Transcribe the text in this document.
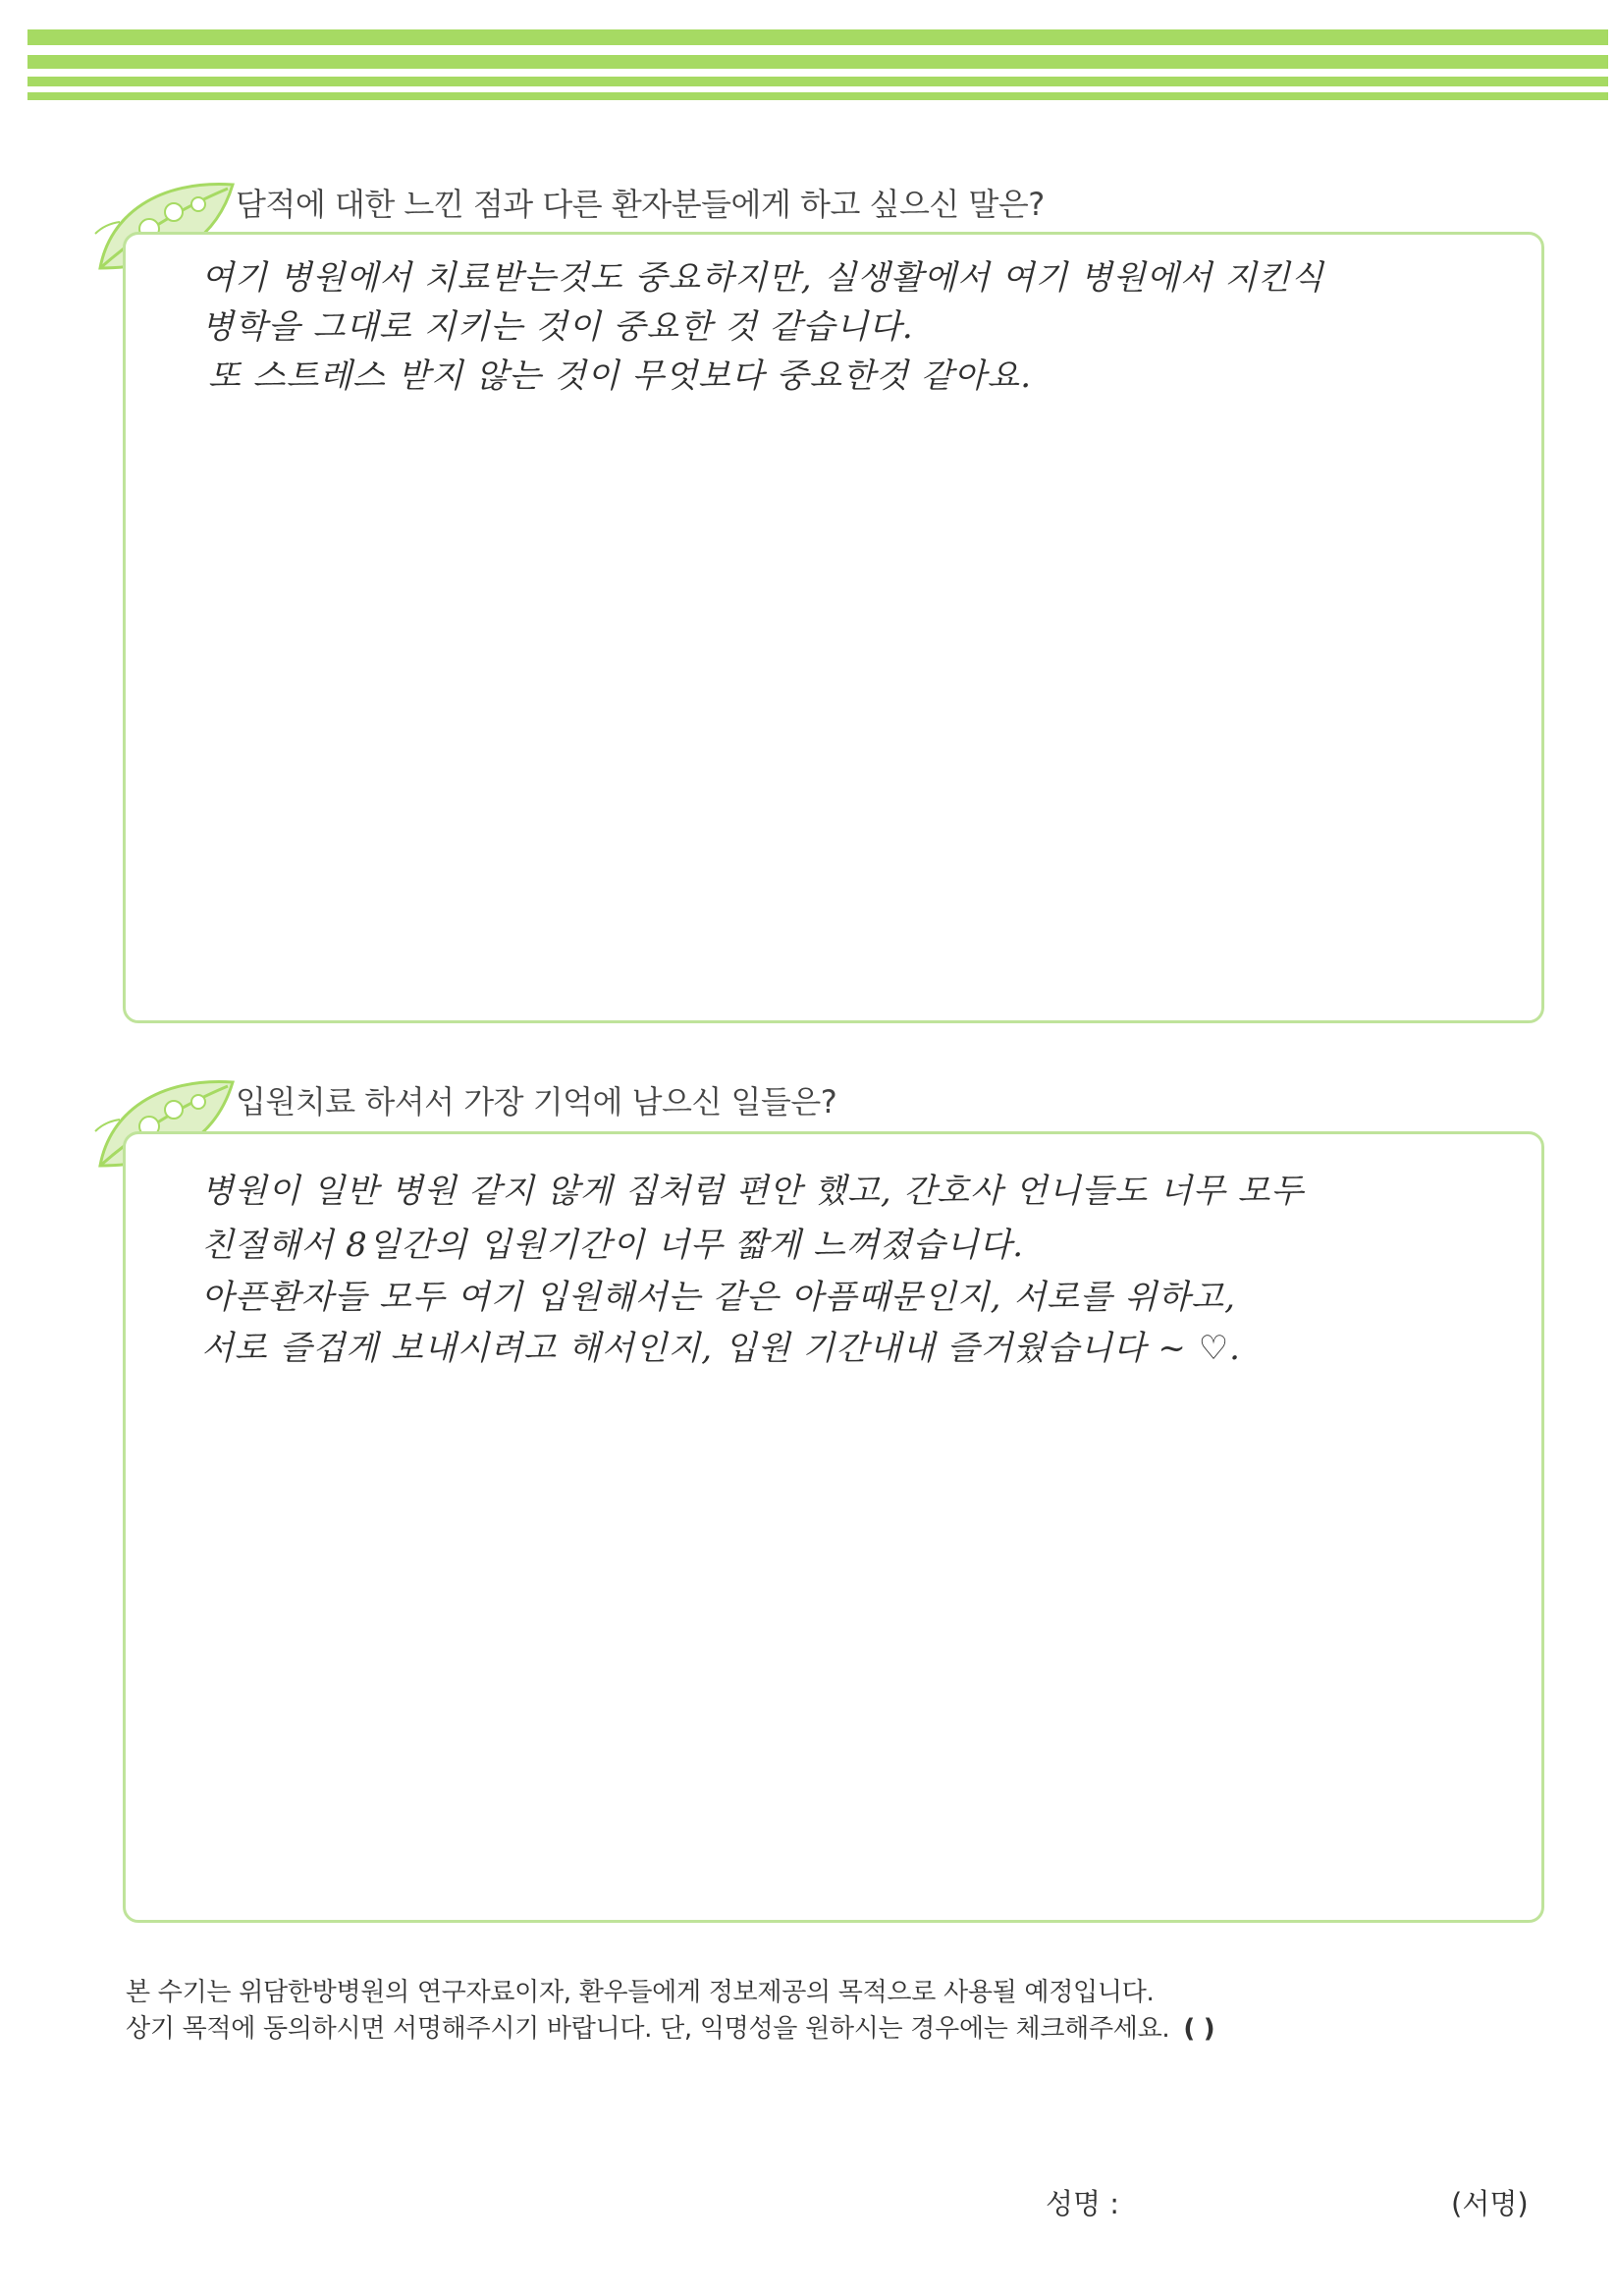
담적에 대한 느낀 점과 다른 환자분들에게 하고 싶으신 말은?
여기 병원에서 치료받는것도 중요하지만, 실생활에서 여기 병원에서 지킨식
병학을 그대로 지키는 것이 중요한 것 같습니다.
또 스트레스 받지 않는 것이 무엇보다 중요한것 같아요.
입원치료 하셔서 가장 기억에 남으신 일들은?
병원이 일반 병원 같지 않게 집처럼 편안 했고, 간호사 언니들도 너무 모두
친절해서 8일간의 입원기간이 너무 짧게 느껴졌습니다.
아픈환자들 모두 여기 입원해서는 같은 아픔때문인지, 서로를 위하고,
서로 즐겁게 보내시려고 해서인지, 입원 기간내내 즐거웠습니다 ~ ♡.
본 수기는 위담한방병원의 연구자료이자, 환우들에게 정보제공의 목적으로 사용될 예정입니다.
상기 목적에 동의하시면 서명해주시기 바랍니다. 단, 익명성을 원하시는 경우에는 체크해주세요. ( )
성명 :	(서명)
